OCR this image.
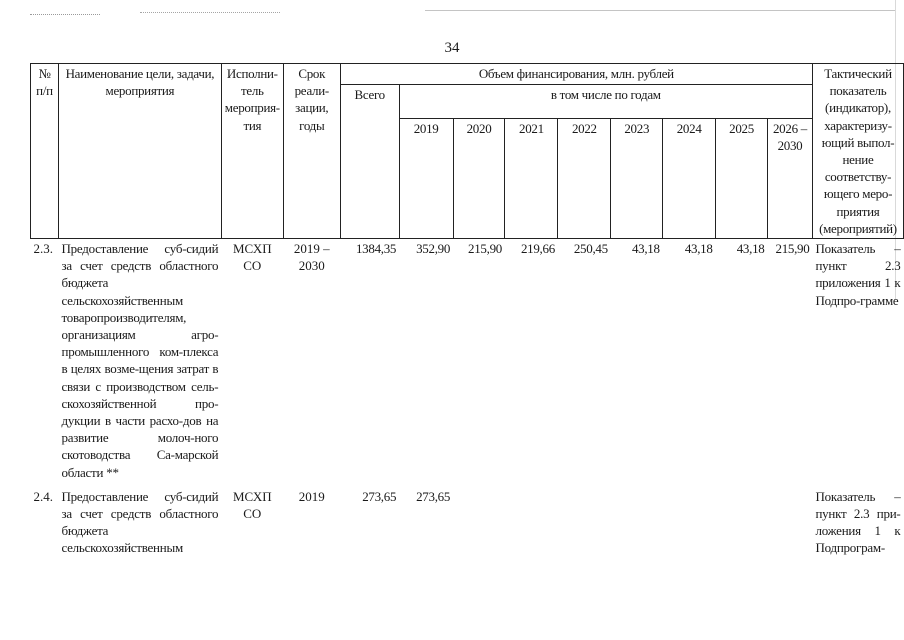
34
№ п/п	Наименование цели, задачи, мероприятия	Исполни-тель мероприя-тия	Срок реали-зации, годы	Объем финансирования, млн. рублей									Тактический показатель (индикатор), характеризу-ющий выпол-нение соответству-ющего меро-приятия (мероприятий)
				Всего	в том числе по годам								
					2019	2020	2021	2022	2023	2024	2025	2026 – 2030	
2.3.	Предоставление суб-сидий за счет средств областного бюджета сельскохозяйственным товаропроизводителям, организациям агро-промышленного ком-плекса в целях возме-щения затрат в связи с производством сель-скохозяйственной про-дукции в части расхо-дов на развитие молоч-ного скотоводства Са-марской области **	МСХП СО	2019 – 2030	1384,35	352,90	215,90	219,66	250,45	43,18	43,18	43,18	215,90	Показатель – пункт 2.3 приложения 1 к Подпро-грамме
2.4.	Предоставление суб-сидий за счет средств областного бюджета сельскохозяйственным	МСХП СО	2019	273,65	273,65								Показатель – пункт 2.3 при-ложения 1 к Подпрограм-
